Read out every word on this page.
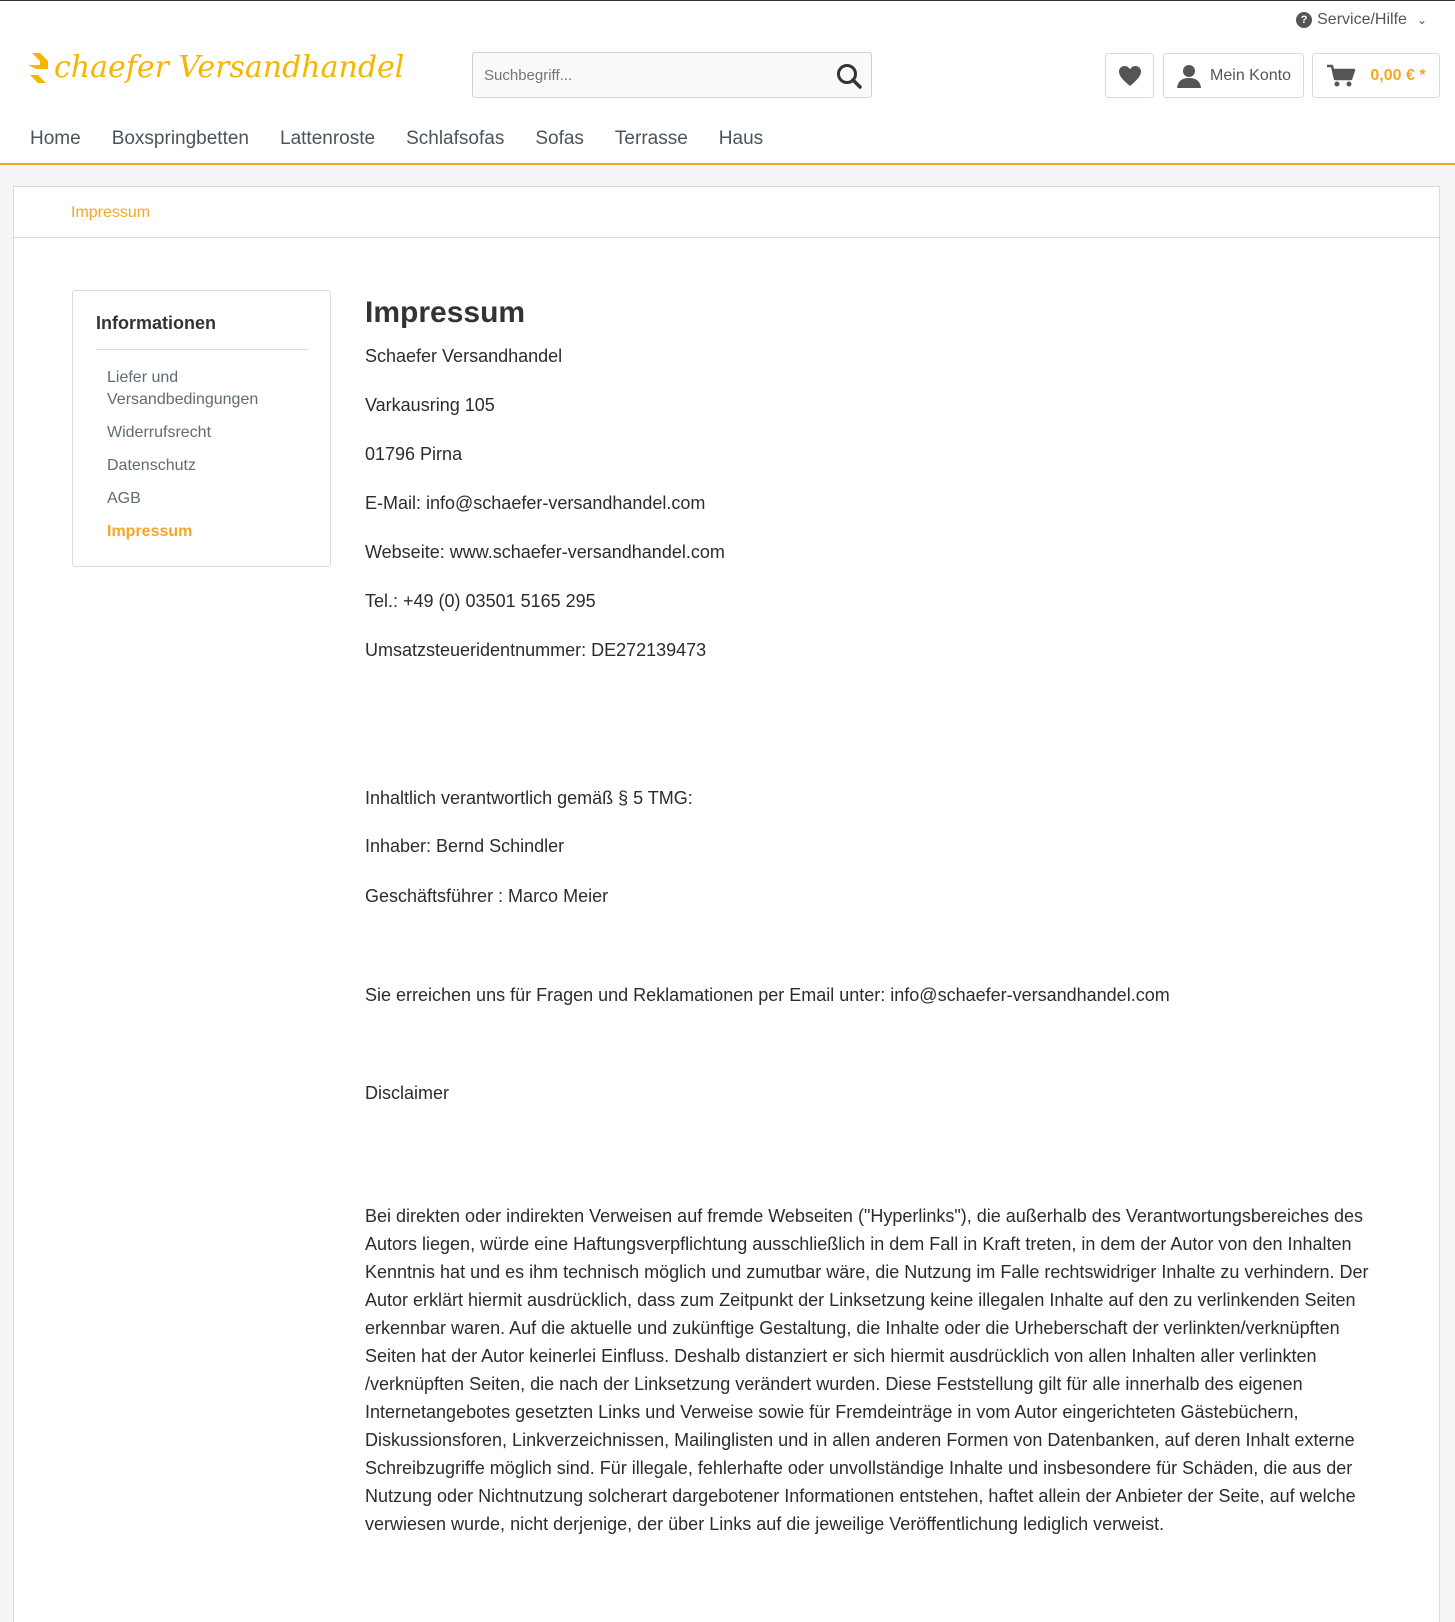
? Service/Hilfe ⌄
chaefer Versandhandel
Suchbegriff...	Mein Konto	0,00 € *
Home Boxspringbetten Lattenroste Schlafsofas Sofas Terrasse Haus
Impressum
Informationen
Liefer und Versandbedingungen
Widerrufsrecht
Datenschutz
AGB
Impressum
Impressum

Schaefer Versandhandel

Varkausring 105

01796 Pirna

E-Mail: info@schaefer-versandhandel.com

Webseite: www.schaefer-versandhandel.com

Tel.: +49 (0) 03501 5165 295

Umsatzsteueridentnummer: DE272139473

Inhaltlich verantwortlich gemäß § 5 TMG:

Inhaber: Bernd Schindler

Geschäftsführer : Marco Meier

Sie erreichen uns für Fragen und Reklamationen per Email unter: info@schaefer-versandhandel.com

Disclaimer

Bei direkten oder indirekten Verweisen auf fremde Webseiten ("Hyperlinks"), die außerhalb des Verantwortungsbereiches des Autors liegen, würde eine Haftungsverpflichtung ausschließlich in dem Fall in Kraft treten, in dem der Autor von den Inhalten Kenntnis hat und es ihm technisch möglich und zumutbar wäre, die Nutzung im Falle rechtswidriger Inhalte zu verhindern. Der Autor erklärt hiermit ausdrücklich, dass zum Zeitpunkt der Linksetzung keine illegalen Inhalte auf den zu verlinkenden Seiten erkennbar waren. Auf die aktuelle und zukünftige Gestaltung, die Inhalte oder die Urheberschaft der verlinkten/verknüpften Seiten hat der Autor keinerlei Einfluss. Deshalb distanziert er sich hiermit ausdrücklich von allen Inhalten aller verlinkten /verknüpften Seiten, die nach der Linksetzung verändert wurden. Diese Feststellung gilt für alle innerhalb des eigenen Internetangebotes gesetzten Links und Verweise sowie für Fremdeinträge in vom Autor eingerichteten Gästebüchern, Diskussionsforen, Linkverzeichnissen, Mailinglisten und in allen anderen Formen von Datenbanken, auf deren Inhalt externe Schreibzugriffe möglich sind. Für illegale, fehlerhafte oder unvollständige Inhalte und insbesondere für Schäden, die aus der Nutzung oder Nichtnutzung solcherart dargebotener Informationen entstehen, haftet allein der Anbieter der Seite, auf welche verwiesen wurde, nicht derjenige, der über Links auf die jeweilige Veröffentlichung lediglich verweist.
